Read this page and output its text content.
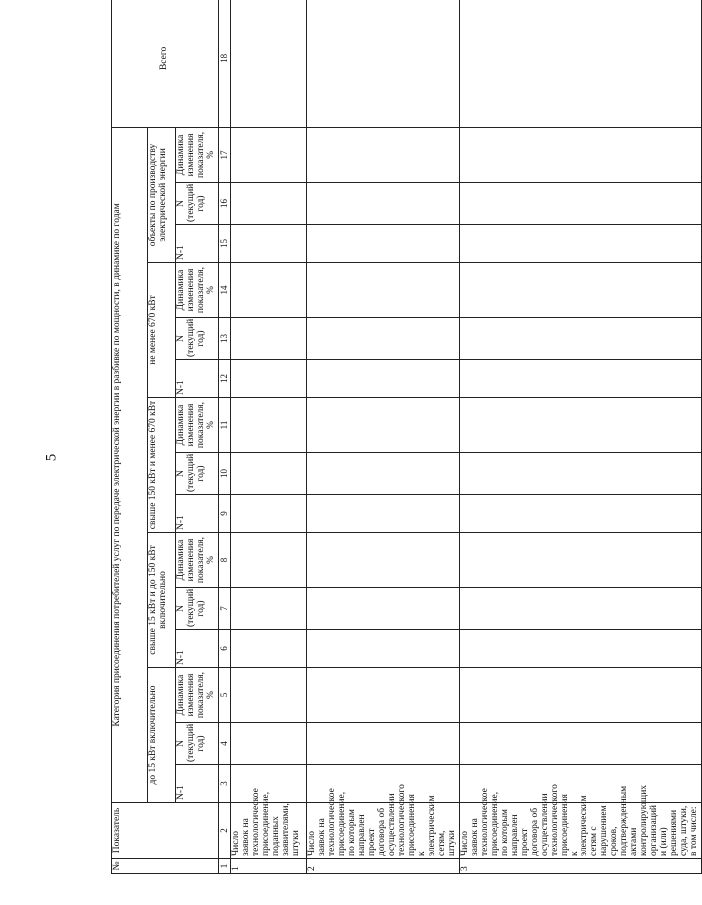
5
№	Показатель	Категория присоединения потребителей услуг по передаче электрической энергии в разбивке по мощности, в динамике по годам															Всего
		до 15 кВт включительно			свыше 15 кВт и до 150 кВт включительно			свыше 150 кВт и менее 670 кВт			не менее 670 кВт			объекты по производству электрической энергии			
		N-1	N (текущий год)	Динамика изменения показателя, %	N-1	N (текущий год)	Динамика изменения показателя, %	N-1	N (текущий год)	Динамика изменения показателя, %	N-1	N (текущий год)	Динамика изменения показателя, %	N-1	N (текущий год)	Динамика изменения показателя, %	
1	2	3	4	5	6	7	8	9	10	11	12	13	14	15	16	17	18
1	Число заявок на технологическое присоединение, поданных заявителями, штуки																
2	Число заявок на технологическое присоединение, по которым направлен проект договора об осуществлении технологического присоединения к электрическим сетям, штуки																
3	Число заявок на технологическое присоединение, по которым направлен проект договора об осуществлении технологического присоединения к электрическим сетям с нарушением сроков, подтвержденным актами контролирующих организаций и (или) решениями суда, штуки, в том числе:																
